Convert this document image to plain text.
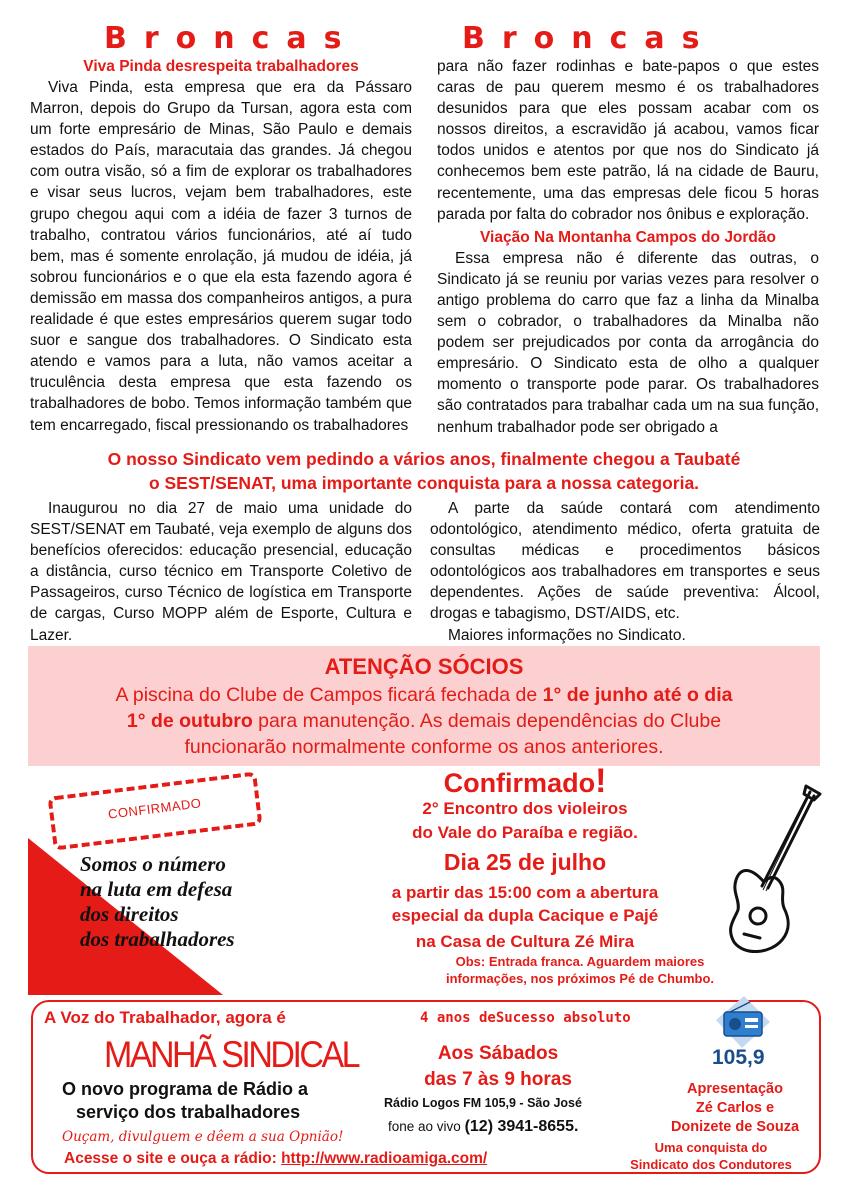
Broncas	Broncas
Viva Pinda desrespeita trabalhadores

Viva Pinda, esta empresa que era da Pássaro Marron, depois do Grupo da Tursan, agora esta com um forte empresário de Minas, São Paulo e demais estados do País, maracutaia das grandes. Já chegou com outra visão, só a fim de explorar os trabalhadores e visar seus lucros, vejam bem trabalhadores, este grupo chegou aqui com a idéia de fazer 3 turnos de trabalho, contratou vários funcionários, até aí tudo bem, mas é somente enrolação, já mudou de idéia, já sobrou funcionários e o que ela esta fazendo agora é demissão em massa dos companheiros antigos, a pura realidade é que estes empresários querem sugar todo suor e sangue dos trabalhadores. O Sindicato esta atendo e vamos para a luta, não vamos aceitar a truculência desta empresa que esta fazendo os trabalhadores de bobo. Temos informação também que tem encarregado, fiscal pressionando os trabalhadores

para não fazer rodinhas e bate-papos o que estes caras de pau querem mesmo é os trabalhadores desunidos para que eles possam acabar com os nossos direitos, a escravidão já acabou, vamos ficar todos unidos e atentos por que nos do Sindicato já conhecemos bem este patrão, lá na cidade de Bauru, recentemente, uma das empresas dele ficou 5 horas parada por falta do cobrador nos ônibus e exploração.
Viação Na Montanha Campos do Jordão

Essa empresa não é diferente das outras, o Sindicato já se reuniu por varias vezes para resolver o antigo problema do carro que faz a linha da Minalba sem o cobrador, o trabalhadores da Minalba não podem ser prejudicados por conta da arrogância do empresário. O Sindicato esta de olho a qualquer momento o transporte pode parar. Os trabalhadores são contratados para trabalhar cada um na sua função, nenhum trabalhador pode ser obrigado a

O nosso Sindicato vem pedindo a vários anos, finalmente chegou a Taubaté
o SEST/SENAT, uma importante conquista para a nossa categoria.

Inaugurou no dia 27 de maio uma unidade do SEST/SENAT em Taubaté, veja exemplo de alguns dos benefícios oferecidos: educação presencial, educação a distância, curso técnico em Transporte Coletivo de Passageiros, curso Técnico de logística em Transporte de cargas, Curso MOPP além de Esporte, Cultura e Lazer.

A parte da saúde contará com atendimento odontológico, atendimento médico, oferta gratuita de consultas médicas e procedimentos básicos odontológicos aos trabalhadores em transportes e seus dependentes. Ações de saúde preventiva: Álcool, drogas e tabagismo, DST/AIDS, etc.

Maiores informações no Sindicato.

ATENÇÃO SÓCIOS
A piscina do Clube de Campos ficará fechada de 1° de junho até o dia
1° de outubro para manutenção. As demais dependências do Clube
funcionarão normalmente conforme os anos anteriores.
CONFIRMADO
Somos o número
na luta em defesa
dos direitos
dos trabalhadores
Confirmado!
2° Encontro dos violeiros
do Vale do Paraíba e região.
Dia 25 de julho
a partir das 15:00 com a abertura
especial da dupla Cacique e Pajé
na Casa de Cultura Zé Mira
Obs: Entrada franca. Aguardem maiores
informações, nos próximos Pé de Chumbo.
A Voz do Trabalhador, agora é	4 anos deSucesso absoluto
MANHÃ SINDICAL
O novo programa de Rádio a
serviço dos trabalhadores
Ouçam, divulguem e dêem a sua Opnião!
Acesse o site e ouça a rádio: http://www.radioamiga.com/
Aos Sábados
das 7 às 9 horas
Rádio Logos FM 105,9 - São José
fone ao vivo (12) 3941-8655.
105,9
Apresentação
Zé Carlos e
Donizete de Souza
Uma conquista do
Sindicato dos Condutores
